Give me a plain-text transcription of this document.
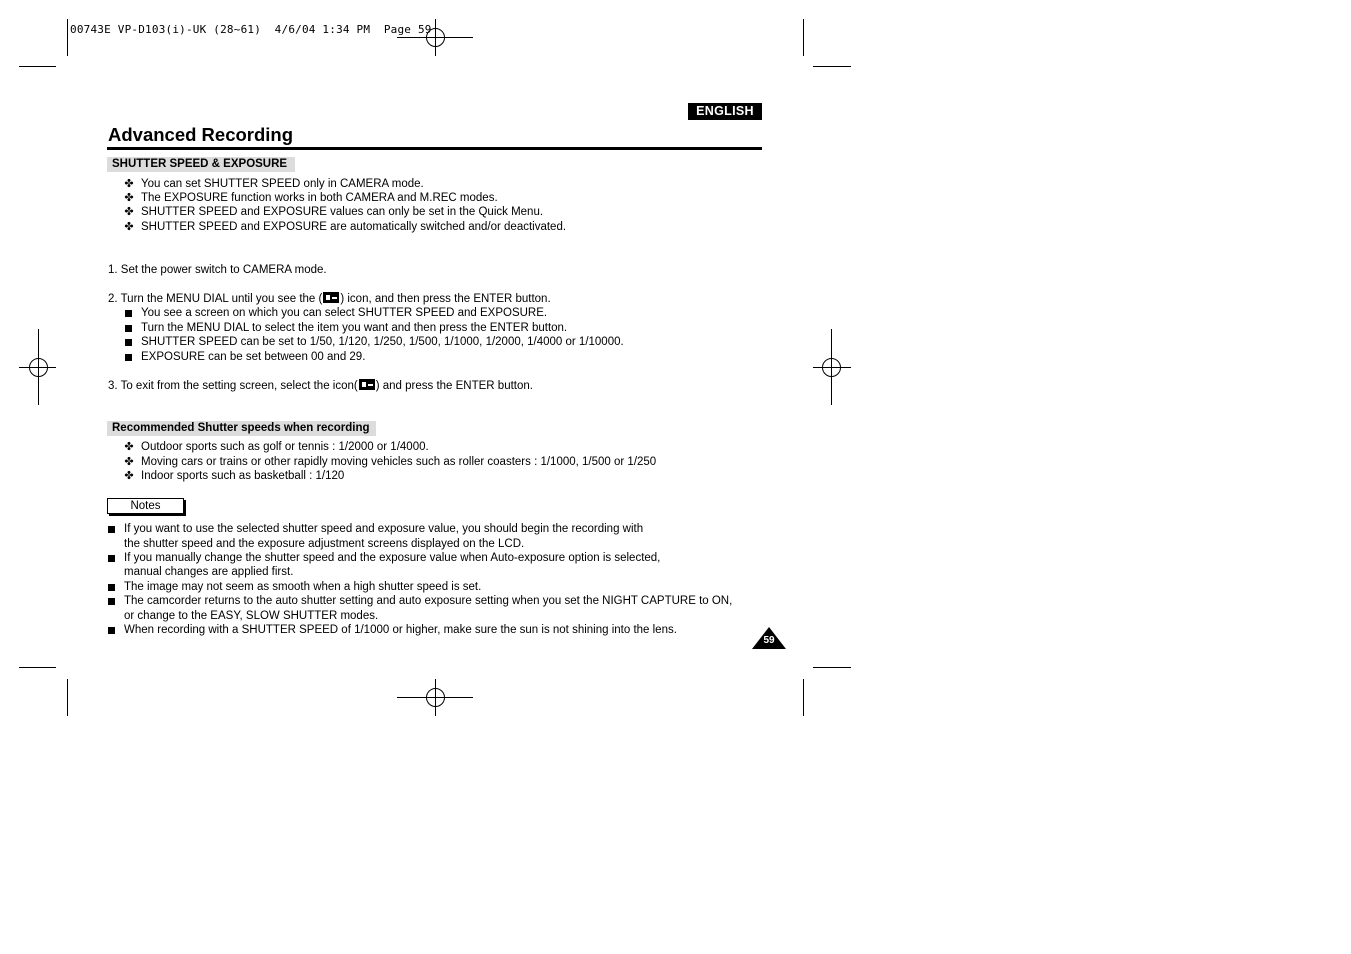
00743E VP-D103(i)-UK (28~61)  4/6/04 1:34 PM  Page 59
ENGLISH
Advanced Recording
SHUTTER SPEED & EXPOSURE
✤ You can set SHUTTER SPEED only in CAMERA mode.
✤ The EXPOSURE function works in both CAMERA and M.REC modes.
✤ SHUTTER SPEED and EXPOSURE values can only be set in the Quick Menu.
✤ SHUTTER SPEED and EXPOSURE are automatically switched and/or deactivated.
1. Set the power switch to CAMERA mode.
2. Turn the MENU DIAL until you see the ( ) icon, and then press the ENTER button.
You see a screen on which you can select SHUTTER SPEED and EXPOSURE.
Turn the MENU DIAL to select the item you want and then press the ENTER button.
SHUTTER SPEED can be set to 1/50, 1/120, 1/250, 1/500, 1/1000, 1/2000, 1/4000 or 1/10000.
EXPOSURE can be set between 00 and 29.
3. To exit from the setting screen, select the icon( ) and press the ENTER button.
Recommended Shutter speeds when recording
✤ Outdoor sports such as golf or tennis : 1/2000 or 1/4000.
✤ Moving cars or trains or other rapidly moving vehicles such as roller coasters : 1/1000, 1/500 or 1/250
✤ Indoor sports such as basketball : 1/120
Notes
If you want to use the selected shutter speed and exposure value, you should begin the recording with
the shutter speed and the exposure adjustment screens displayed on the LCD.
If you manually change the shutter speed and the exposure value when Auto-exposure option is selected,
manual changes are applied first.
The image may not seem as smooth when a high shutter speed is set.
The camcorder returns to the auto shutter setting and auto exposure setting when you set the NIGHT CAPTURE to ON,
or change to the EASY, SLOW SHUTTER modes.
When recording with a SHUTTER SPEED of 1/1000 or higher, make sure the sun is not shining into the lens.
59
